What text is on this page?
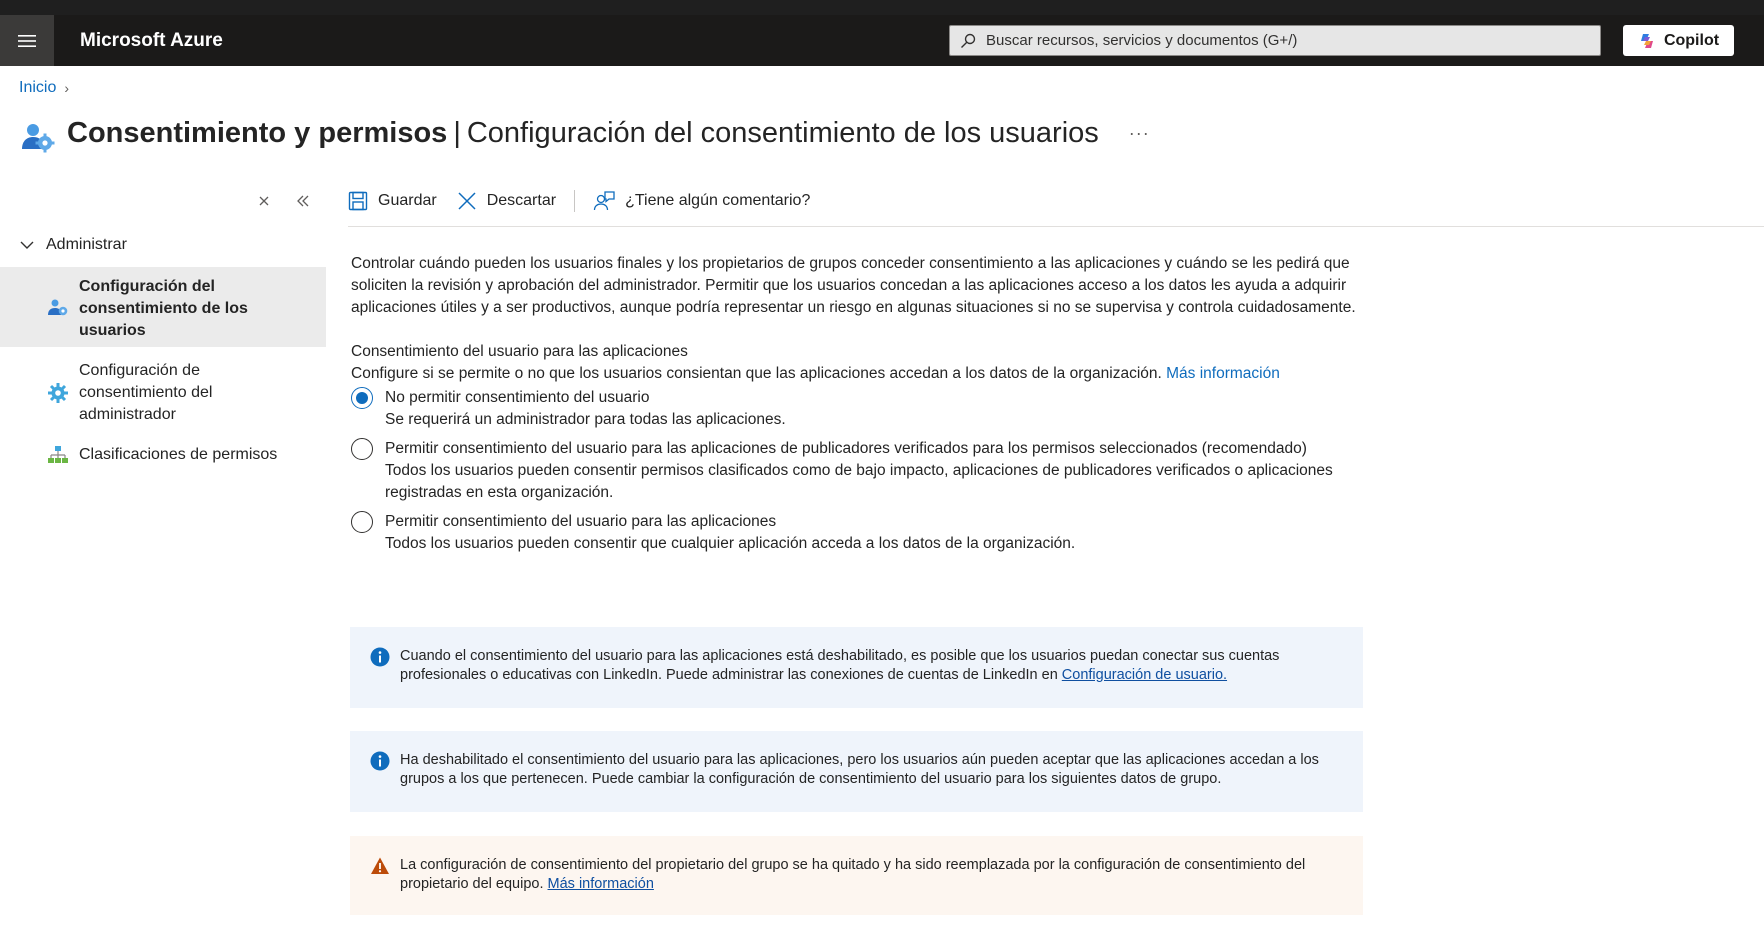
Microsoft Azure
Buscar recursos, servicios y documentos (G+/)	Copilot
Inicio ›
Consentimiento y permisos | Configuración del consentimiento de los usuarios ···
Administrar
Configuración del consentimiento de los usuarios
Configuración de consentimiento del administrador
Clasificaciones de permisos
Guardar	Descartar	¿Tiene algún comentario?

Controlar cuándo pueden los usuarios finales y los propietarios de grupos conceder consentimiento a las aplicaciones y cuándo se les pedirá que soliciten la revisión y aprobación del administrador. Permitir que los usuarios concedan a las aplicaciones acceso a los datos les ayuda a adquirir aplicaciones útiles y a ser productivos, aunque podría representar un riesgo en algunas situaciones si no se supervisa y controla cuidadosamente.

Consentimiento del usuario para las aplicaciones
Configure si se permite o no que los usuarios consientan que las aplicaciones accedan a los datos de la organización. Más información
No permitir consentimiento del usuario
Se requerirá un administrador para todas las aplicaciones.
Permitir consentimiento del usuario para las aplicaciones de publicadores verificados para los permisos seleccionados (recomendado)
Todos los usuarios pueden consentir permisos clasificados como de bajo impacto, aplicaciones de publicadores verificados o aplicaciones registradas en esta organización.
Permitir consentimiento del usuario para las aplicaciones
Todos los usuarios pueden consentir que cualquier aplicación acceda a los datos de la organización.
Cuando el consentimiento del usuario para las aplicaciones está deshabilitado, es posible que los usuarios puedan conectar sus cuentas profesionales o educativas con LinkedIn. Puede administrar las conexiones de cuentas de LinkedIn en Configuración de usuario.
Ha deshabilitado el consentimiento del usuario para las aplicaciones, pero los usuarios aún pueden aceptar que las aplicaciones accedan a los grupos a los que pertenecen. Puede cambiar la configuración de consentimiento del usuario para los siguientes datos de grupo.
La configuración de consentimiento del propietario del grupo se ha quitado y ha sido reemplazada por la configuración de consentimiento del propietario del equipo. Más información
